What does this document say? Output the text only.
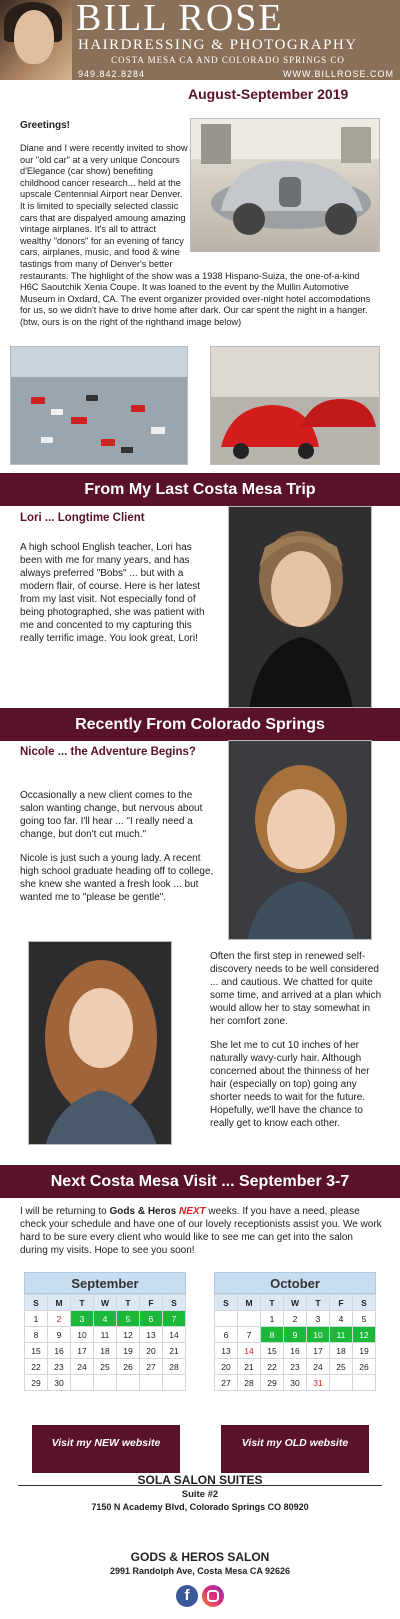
BILL ROSE
HAIRDRESSING & PHOTOGRAPHY
COSTA MESA CA AND COLORADO SPRINGS CO
949.842.8284	WWW.BILLROSE.COM
August-September 2019
Greetings!
Diane and I were recently invited to show our "old car" at a very unique Concours d'Elegance (car show) benefiting childhood cancer research... held at the upscale Centennial Airport near Denver. It is limited to specially selected classic cars that are dispalyed amoung amazing vintage airplanes. It's all to attract wealthy "donors" for an evening of fancy cars, airplanes, music, and food & wine tastings from many of Denver's better restaurants. The highlight of the show was a 1938 Hispano-Suiza, the one-of-a-kind H6C Saoutchik Xenia Coupe. It was loaned to the event by the Mullin Automotive Museum in Oxdard, CA. The event organizer provided over-night hotel accomodations for us, so we didn't have to drive home after dark. Our car spent the night in a hanger. (btw, ours is on the right of the righthand image below)
From My Last Costa Mesa Trip
Lori ... Longtime Client
A high school English teacher, Lori has been with me for many years, and has always preferred "Bobs" ... but with a modern flair, of course. Here is her latest from my last visit. Not especially fond of being photographed, she was patient with me and concented to my capturing this really terrific image. You look great, Lori!
Recently From Colorado Springs
Nicole ... the Adventure Begins?

Occasionally a new client comes to the salon wanting change, but nervous about going too far. I'll hear ... "I really need a change, but don't cut much."

Nicole is just such a young lady. A recent high school graduate heading off to college, she knew she wanted a fresh look ... but wanted me to "please be gentle".

Often the first step in renewed self-discovery needs to be well considered ... and cautious. We chatted for quite some time, and arrived at a plan which would allow her to stay somewhat in her comfort zone.

She let me to cut 10 inches of her naturally wavy-curly hair. Although concerned about the thinness of her hair (especially on top) going any shorter needs to wait for the future. Hopefully, we'll have the chance to really get to know each other.

Next Costa Mesa Visit ... September 3-7
I will be returning to Gods & Heros NEXT weeks. If you have a need, please check your schedule and have one of our lovely receptionists assist you. We work hard to be sure every client who would like to see me can get into the salon during my visits. Hope to see you soon!
September
S	M	T	W	T	F	S
1	2	3	4	5	6	7
8	9	10	11	12	13	14
15	16	17	18	19	20	21
22	23	24	25	26	27	28
29	30					
October
S	M	T	W	T	F	S
		1	2	3	4	5
6	7	8	9	10	11	12
13	14	15	16	17	18	19
20	21	22	23	24	25	26
27	28	29	30	31		
Visit my NEW website	Visit my OLD website
SOLA SALON SUITES
Suite #2
7150 N Academy Blvd, Colorado Springs CO 80920
GODS & HEROS SALON
2991 Randolph Ave, Costa Mesa CA 92626
f
